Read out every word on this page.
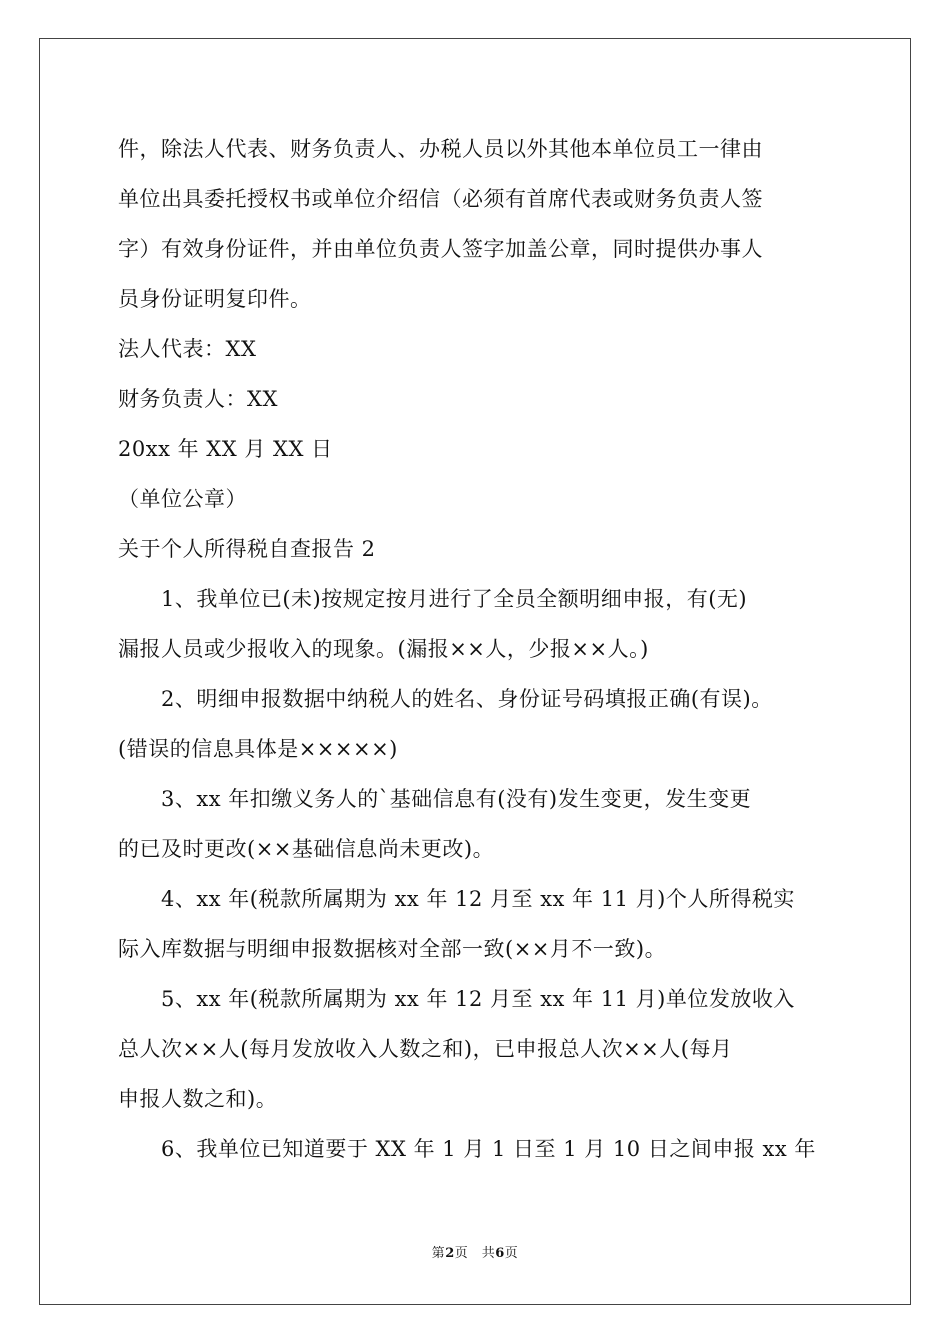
件，除法人代表、财务负责人、办税人员以外其他本单位员工一律由
单位出具委托授权书或单位介绍信（必须有首席代表或财务负责人签
字）有效身份证件，并由单位负责人签字加盖公章，同时提供办事人
员身份证明复印件。
法人代表：XX
财务负责人：XX
20xx 年 XX 月 XX 日
（单位公章）
关于个人所得税自查报告 2
　　1、我单位已(未)按规定按月进行了全员全额明细申报，有(无)
漏报人员或少报收入的现象。(漏报××人，少报××人。)
　　2、明细申报数据中纳税人的姓名、身份证号码填报正确(有误)。
(错误的信息具体是×××××)
　　3、xx 年扣缴义务人的`基础信息有(没有)发生变更，发生变更
的已及时更改(××基础信息尚未更改)。
　　4、xx 年(税款所属期为 xx 年 12 月至 xx 年 11 月)个人所得税实
际入库数据与明细申报数据核对全部一致(××月不一致)。
　　5、xx 年(税款所属期为 xx 年 12 月至 xx 年 11 月)单位发放收入
总人次××人(每月发放收入人数之和)，已申报总人次××人(每月
申报人数之和)。
　　6、我单位已知道要于 XX 年 1 月 1 日至 1 月 10 日之间申报 xx 年
第2页　共6页
